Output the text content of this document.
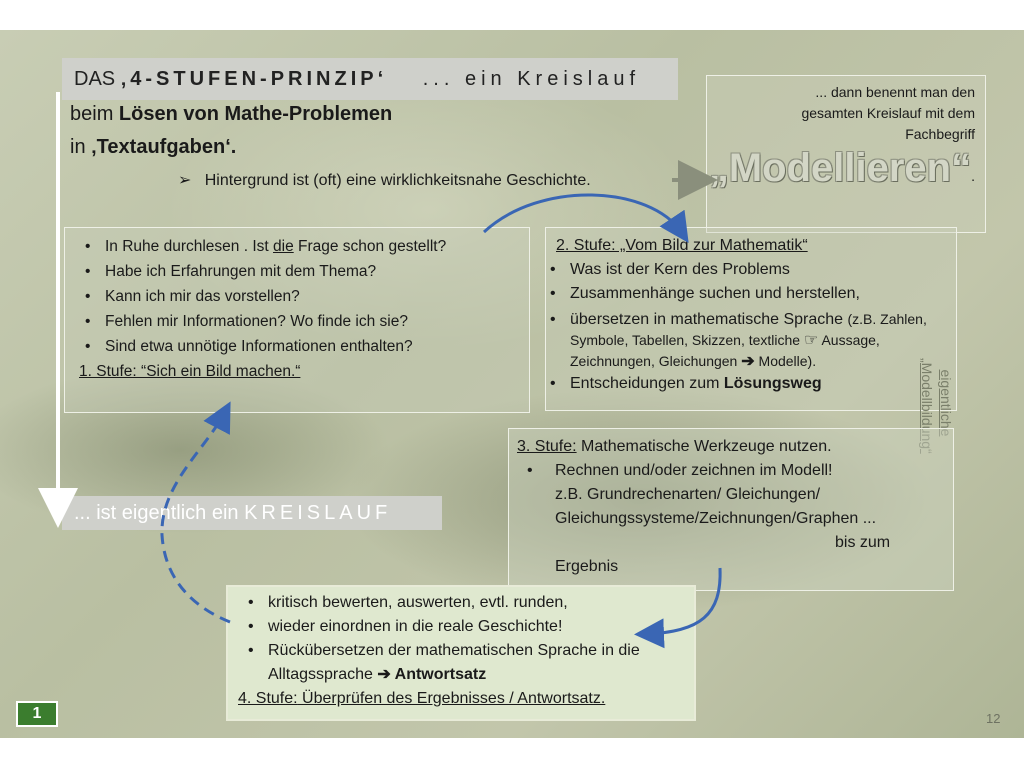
DAS ‚4-STUFEN-PRINZIP‘ ... ein Kreislauf
beim Lösen von Mathe-Problemen
in ‚Textaufgaben‘.
➢ Hintergrund ist (oft) eine wirklichkeitsnahe Geschichte.
... dann benennt man den
gesamten Kreislauf mit dem
Fachbegriff
„Modellieren“.
• In Ruhe durchlesen . Ist die Frage schon gestellt?
• Habe ich Erfahrungen mit dem Thema?
• Kann ich mir das vorstellen?
• Fehlen mir Informationen? Wo finde ich sie?
• Sind etwa unnötige Informationen enthalten?
1. Stufe: “Sich ein Bild machen.“
2. Stufe: „Vom Bild zur Mathematik“
• Was ist der Kern des Problems
• Zusammenhänge suchen und herstellen,
• übersetzen in mathematische Sprache (z.B. Zahlen, Symbole, Tabellen, Skizzen, textliche ☞ Aussage, Zeichnungen, Gleichungen ➔ Modelle).
• Entscheidungen zum Lösungsweg	eigentliche
„Modellbildung“
3. Stufe: Mathematische Werkzeuge nutzen.
• Rechnen und/oder zeichnen im Modell!
z.B. Grundrechenarten/ Gleichungen/
Gleichungssysteme/Zeichnungen/Graphen ...
bis zum
Ergebnis
... ist eigentlich ein KREISLAUF
• kritisch bewerten, auswerten, evtl. runden,
• wieder einordnen in die reale Geschichte!
• Rückübersetzen der mathematischen Sprache in die Alltagssprache ➔ Antwortsatz
4. Stufe: Überprüfen des Ergebnisses / Antwortsatz.
1	12
